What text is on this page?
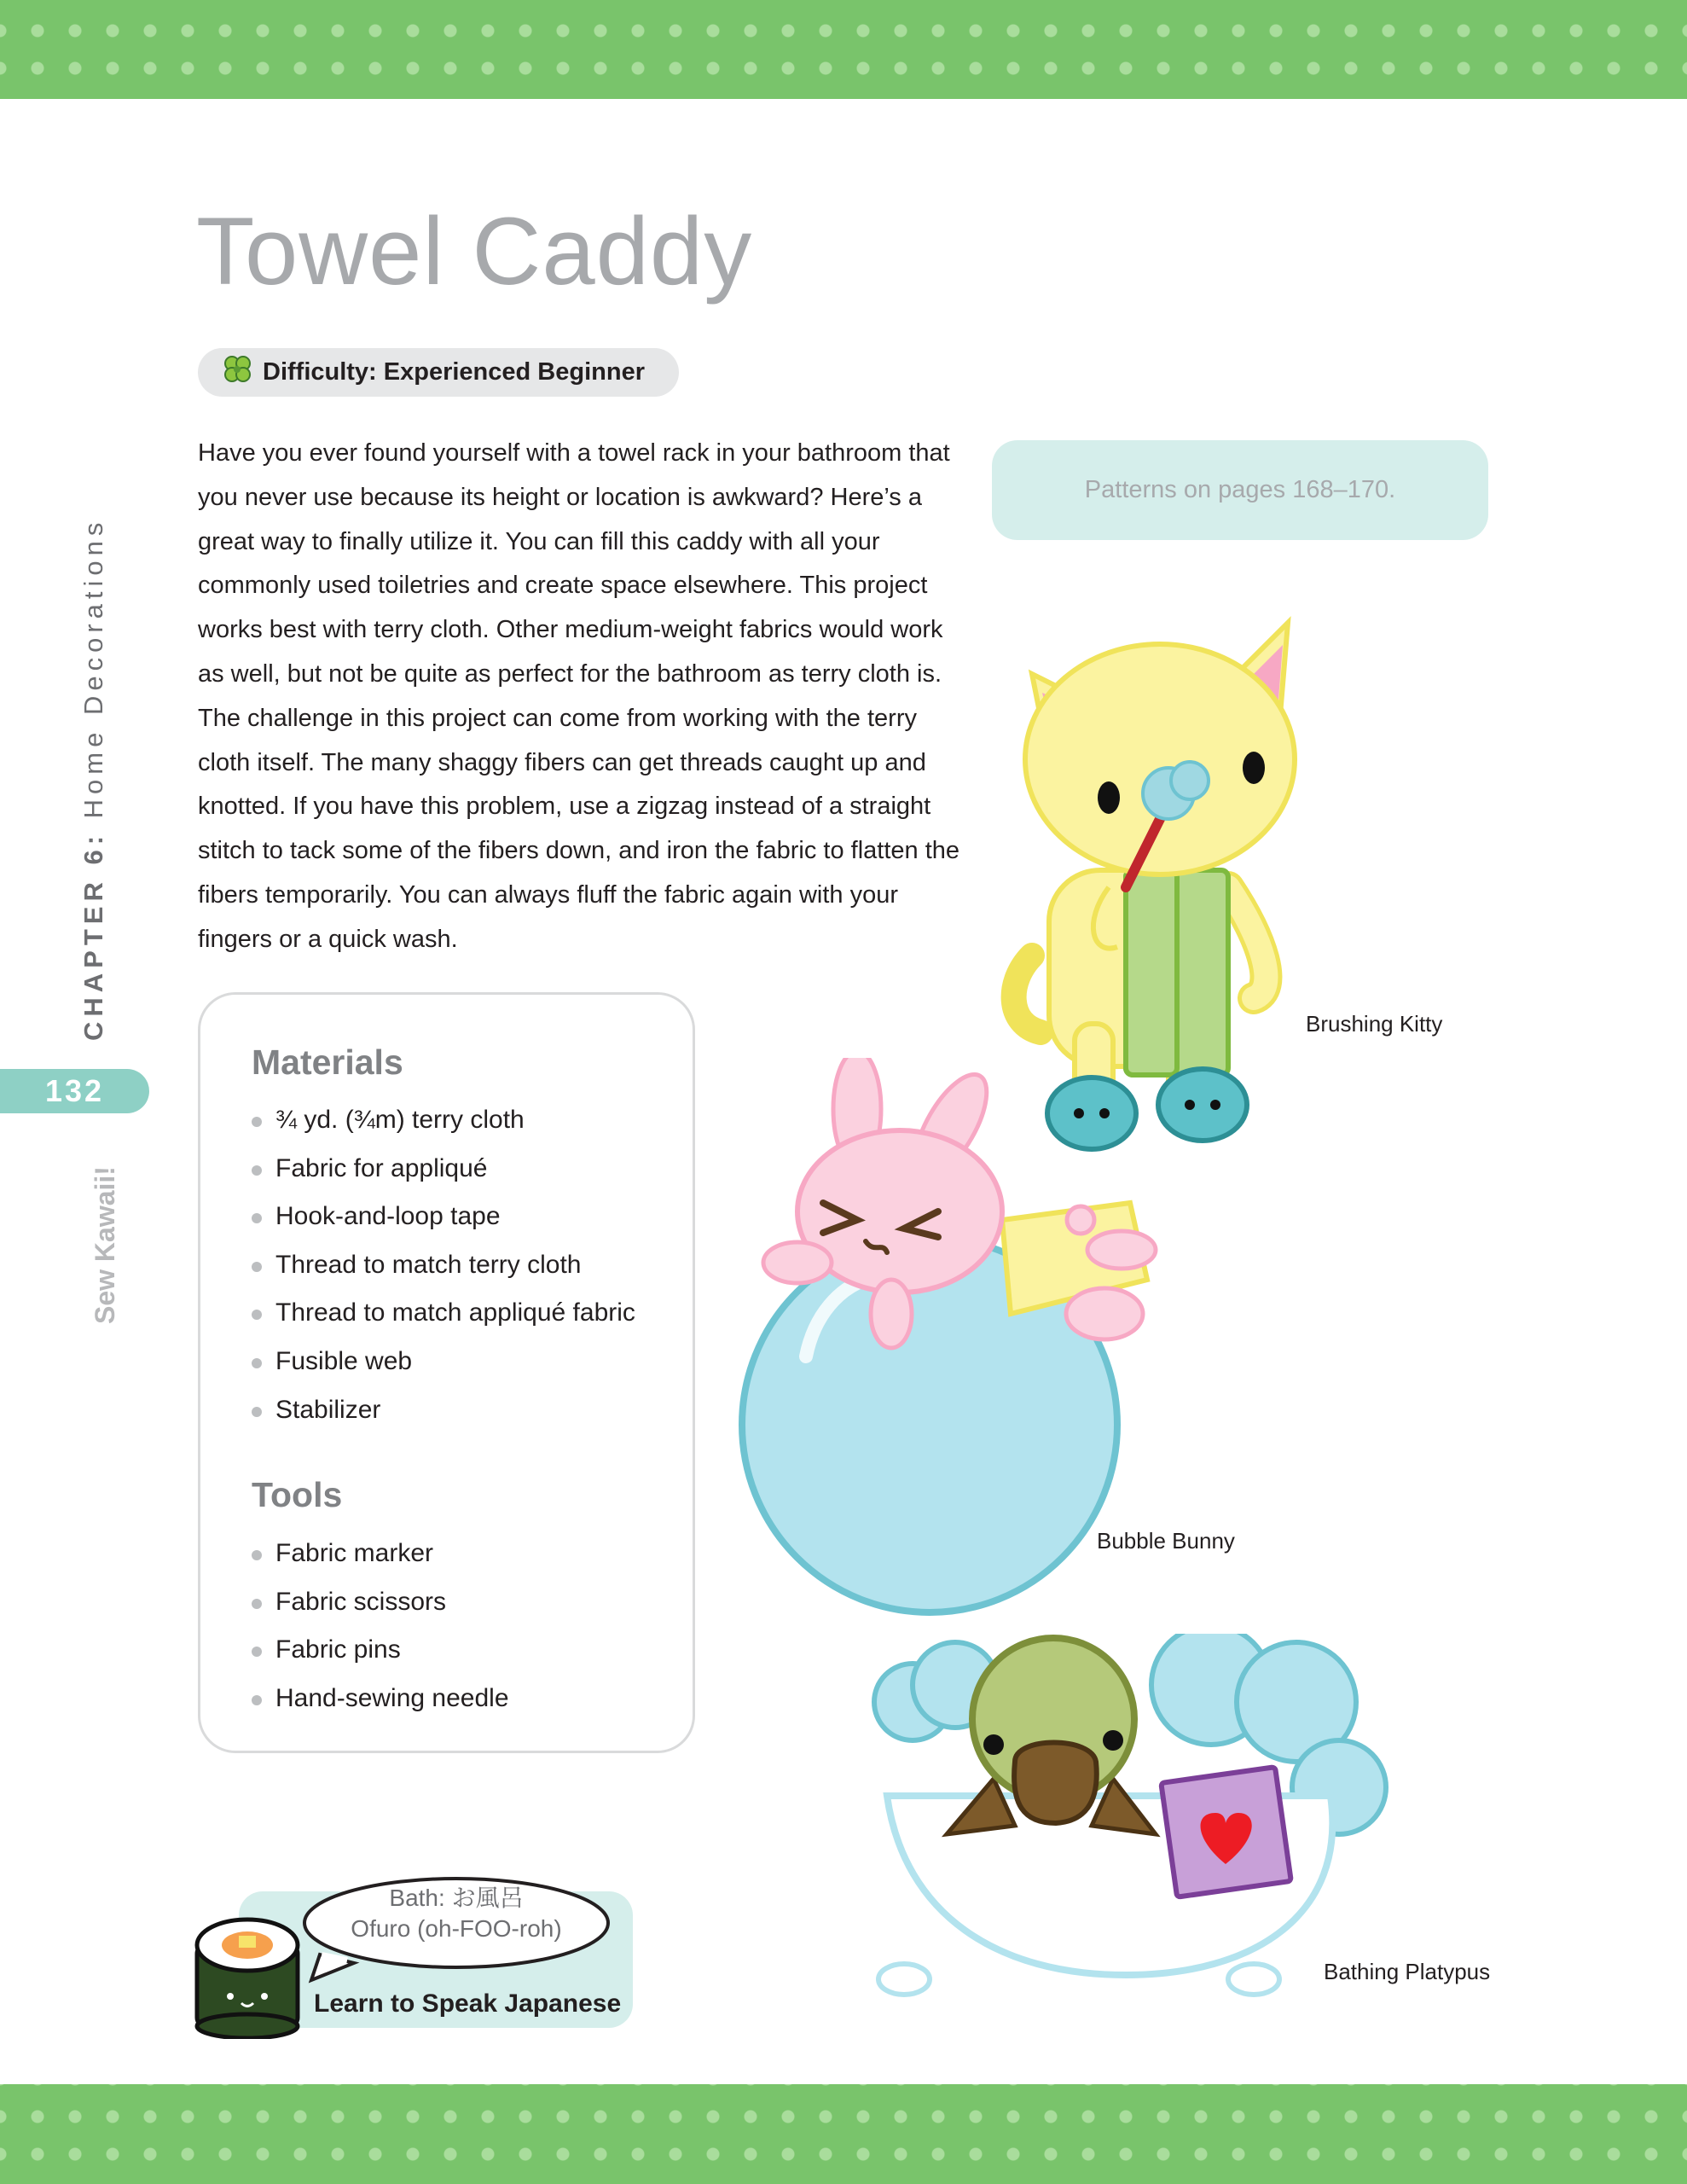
CHAPTER 6: Home Decorations
132
Sew Kawaii!
Towel Caddy
Difficulty: Experienced Beginner

Have you ever found yourself with a towel rack in your bathroom that you never use because its height or location is awkward? Here’s a great way to finally utilize it. You can fill this caddy with all your commonly used toiletries and create space elsewhere. This project works best with terry cloth. Other medium-weight fabrics would work as well, but not be quite as perfect for the bathroom as terry cloth is. The challenge in this project can come from working with the terry cloth itself. The many shaggy fibers can get threads caught up and knotted. If you have this problem, use a zigzag instead of a straight stitch to tack some of the fibers down, and iron the fabric to flatten the fibers temporarily. You can always fluff the fabric again with your fingers or a quick wash.

Patterns on pages 168–170.
Materials
¾ yd. (¾m) terry cloth
Fabric for appliqué
Hook-and-loop tape
Thread to match terry cloth
Thread to match appliqué fabric
Fusible web
Stabilizer
Tools
Fabric marker
Fabric scissors
Fabric pins
Hand-sewing needle
Brushing Kitty
Bubble Bunny
Bathing Platypus
Bath: お風呂
Ofuro (oh-FOO-roh)
Learn to Speak Japanese
